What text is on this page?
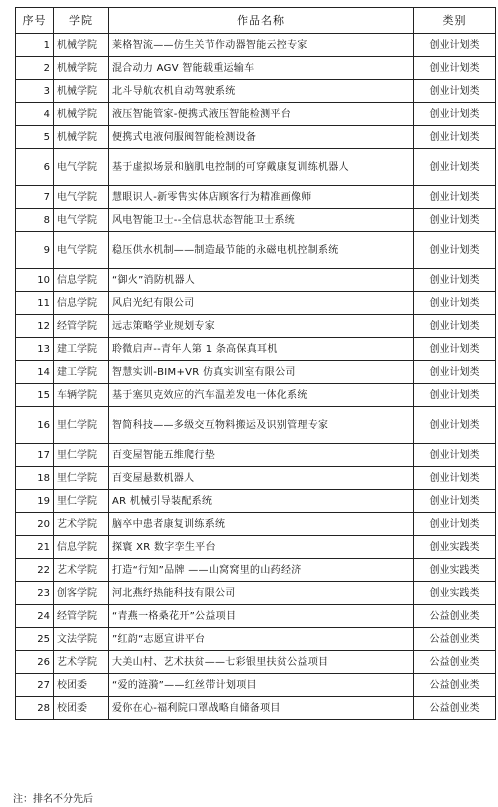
序号	学院	作品名称	类别
1	机械学院	莱格智流——仿生关节作动器智能云控专家	创业计划类
2	机械学院	混合动力 AGV 智能载重运输车	创业计划类
3	机械学院	北斗导航农机自动驾驶系统	创业计划类
4	机械学院	液压智能管家-便携式液压智能检测平台	创业计划类
5	机械学院	便携式电液伺服阀智能检测设备	创业计划类
6	电气学院	基于虚拟场景和脑肌电控制的可穿戴康复训练机器人	创业计划类
7	电气学院	慧眼识人-新零售实体店顾客行为精准画像师	创业计划类
8	电气学院	风电智能卫士--全信息状态智能卫士系统	创业计划类
9	电气学院	稳压供水机制——制造最节能的永磁电机控制系统	创业计划类
10	信息学院	“御火”消防机器人	创业计划类
11	信息学院	风启光纪有限公司	创业计划类
12	经管学院	远志策略学业规划专家	创业计划类
13	建工学院	聆微启声--青年人第 1 条高保真耳机	创业计划类
14	建工学院	智慧实训-BIM+VR 仿真实训室有限公司	创业计划类
15	车辆学院	基于塞贝克效应的汽车温差发电一体化系统	创业计划类
16	里仁学院	智简科技——多级交互物料搬运及识别管理专家	创业计划类
17	里仁学院	百变屋智能五维爬行垫	创业计划类
18	里仁学院	百变屋悬数机器人	创业计划类
19	里仁学院	AR 机械引导装配系统	创业计划类
20	艺术学院	脑卒中患者康复训练系统	创业计划类
21	信息学院	探寰 XR 数字孪生平台	创业实践类
22	艺术学院	打造“行知”品牌 ——山窝窝里的山药经济	创业实践类
23	创客学院	河北燕纾热能科技有限公司	创业实践类
24	经管学院	“青燕一格桑花开”公益项目	公益创业类
25	文法学院	”红韵“志愿宣讲平台	公益创业类
26	艺术学院	大美山村、艺术扶贫——七彩银里扶贫公益项目	公益创业类
27	校团委	“爱的涟漪”——红丝带计划项目	公益创业类
28	校团委	爱你在心-福利院口罩战略自储备项目	公益创业类
注：排名不分先后
